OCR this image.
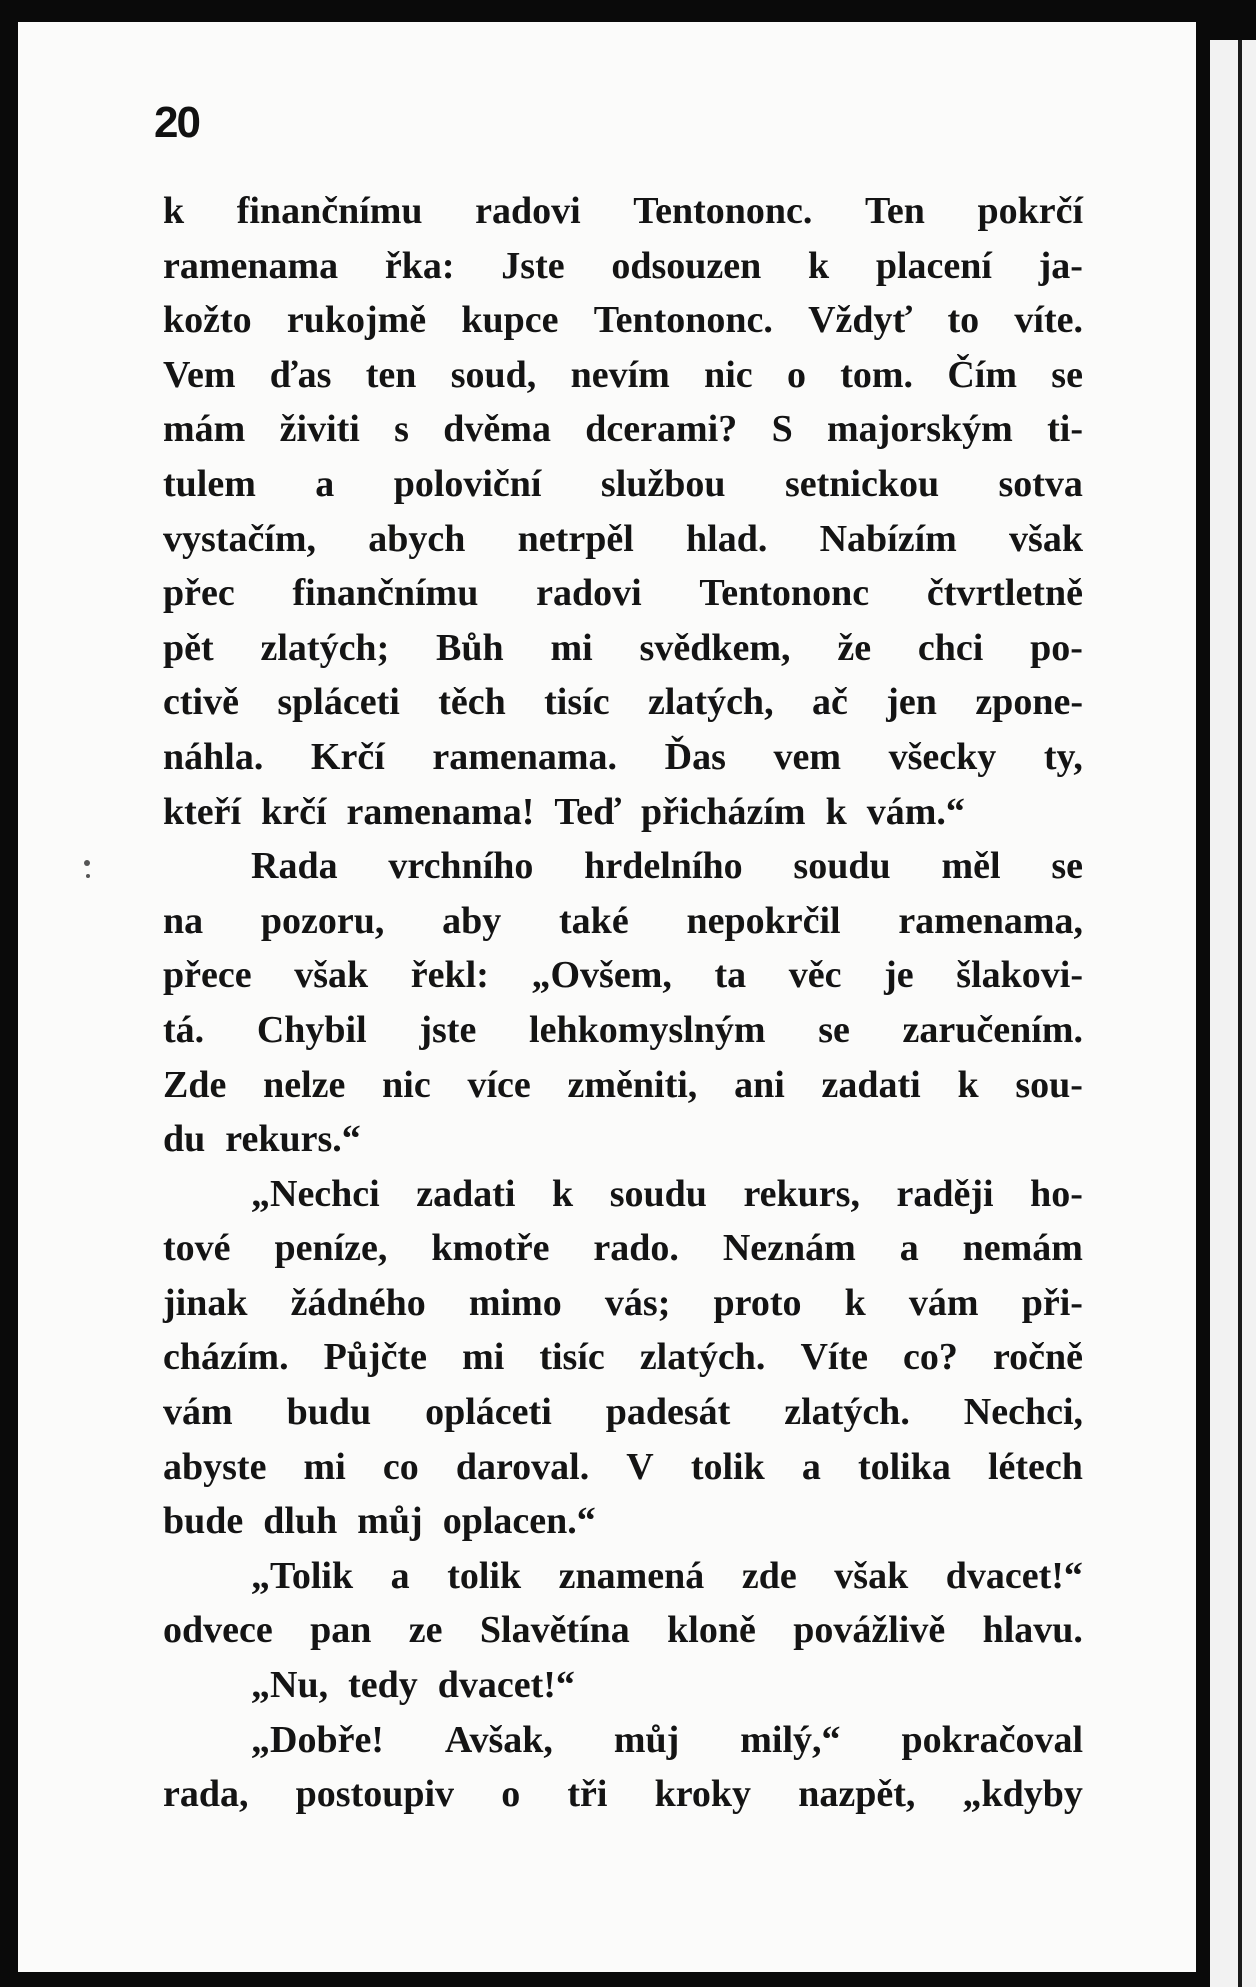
20
k finančnímu radovi Tentononc. Ten pokrčí
ramenama řka: Jste odsouzen k placení ja-
kožto rukojmě kupce Tentononc. Vždyť to víte.
Vem ďas ten soud, nevím nic o tom. Čím se
mám živiti s dvěma dcerami? S majorským ti-
tulem a poloviční službou setnickou sotva
vystačím, abych netrpěl hlad. Nabízím však
přec finančnímu radovi Tentononc čtvrtletně
pět zlatých; Bůh mi svědkem, že chci po-
ctivě spláceti těch tisíc zlatých, ač jen zpone-
náhla. Krčí ramenama. Ďas vem všecky ty,
kteří krčí ramenama! Teď přicházím k vám.“
Rada vrchního hrdelního soudu měl se
na pozoru, aby také nepokrčil ramenama,
přece však řekl: „Ovšem, ta věc je šlakovi-
tá. Chybil jste lehkomyslným se zaručením.
Zde nelze nic více změniti, ani zadati k sou-
du rekurs.“
„Nechci zadati k soudu rekurs, raději ho-
tové peníze, kmotře rado. Neznám a nemám
jinak žádného mimo vás; proto k vám při-
cházím. Půjčte mi tisíc zlatých. Víte co? ročně
vám budu opláceti padesát zlatých. Nechci,
abyste mi co daroval. V tolik a tolika létech
bude dluh můj oplacen.“
„Tolik a tolik znamená zde však dvacet!“
odvece pan ze Slavětína kloně povážlivě hlavu.
„Nu, tedy dvacet!“
„Dobře! Avšak, můj milý,“ pokračoval
rada, postoupiv o tři kroky nazpět, „kdyby
